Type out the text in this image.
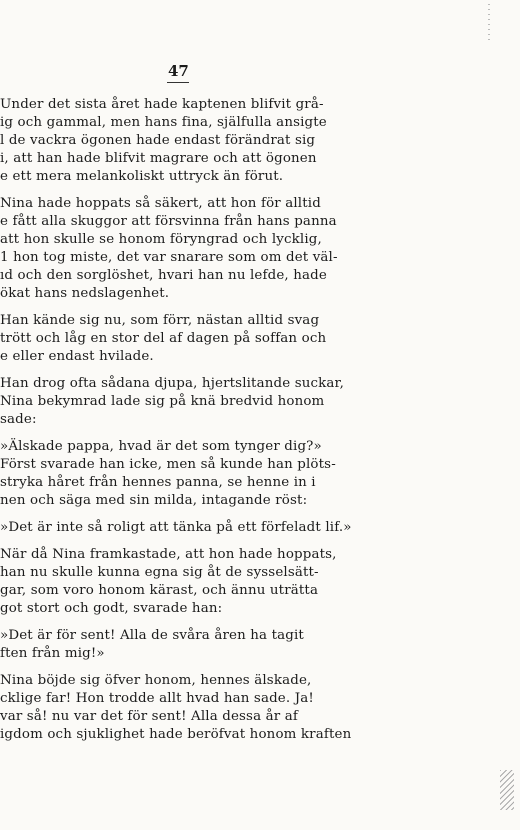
47
Under det sista året hade kaptenen blifvit grå-
ig och gammal, men hans fina, själfulla ansigte
l de vackra ögonen hade endast förändrat sig
i, att han hade blifvit magrare och att ögonen
e ett mera melankoliskt uttryck än förut.
Nina hade hoppats så säkert, att hon för alltid
e fått alla skuggor att försvinna från hans panna
att hon skulle se honom föryngrad och lycklig,
1 hon tog miste, det var snarare som om det väl-
ıd och den sorglöshet, hvari han nu lefde, hade
ökat hans nedslagenhet.
Han kände sig nu, som förr, nästan alltid svag
trött och låg en stor del af dagen på soffan och
e eller endast hvilade.
Han drog ofta sådana djupa, hjertslitande suckar,
Nina bekymrad lade sig på knä bredvid honom
sade:
»Älskade pappa, hvad är det som tynger dig?»
Först svarade han icke, men så kunde han plöts-
stryka håret från hennes panna, se henne in i
nen och säga med sin milda, intagande röst:
»Det är inte så roligt att tänka på ett förfeladt lif.»
När då Nina framkastade, att hon hade hoppats,
han nu skulle kunna egna sig åt de sysselsätt-
gar, som voro honom kärast, och ännu uträtta
got stort och godt, svarade han:
»Det är för sent! Alla de svåra åren ha tagit
ften från mig!»
Nina böjde sig öfver honom, hennes älskade,
cklige far! Hon trodde allt hvad han sade. Ja!
var så! nu var det för sent! Alla dessa år af
igdom och sjuklighet hade beröfvat honom kraften
